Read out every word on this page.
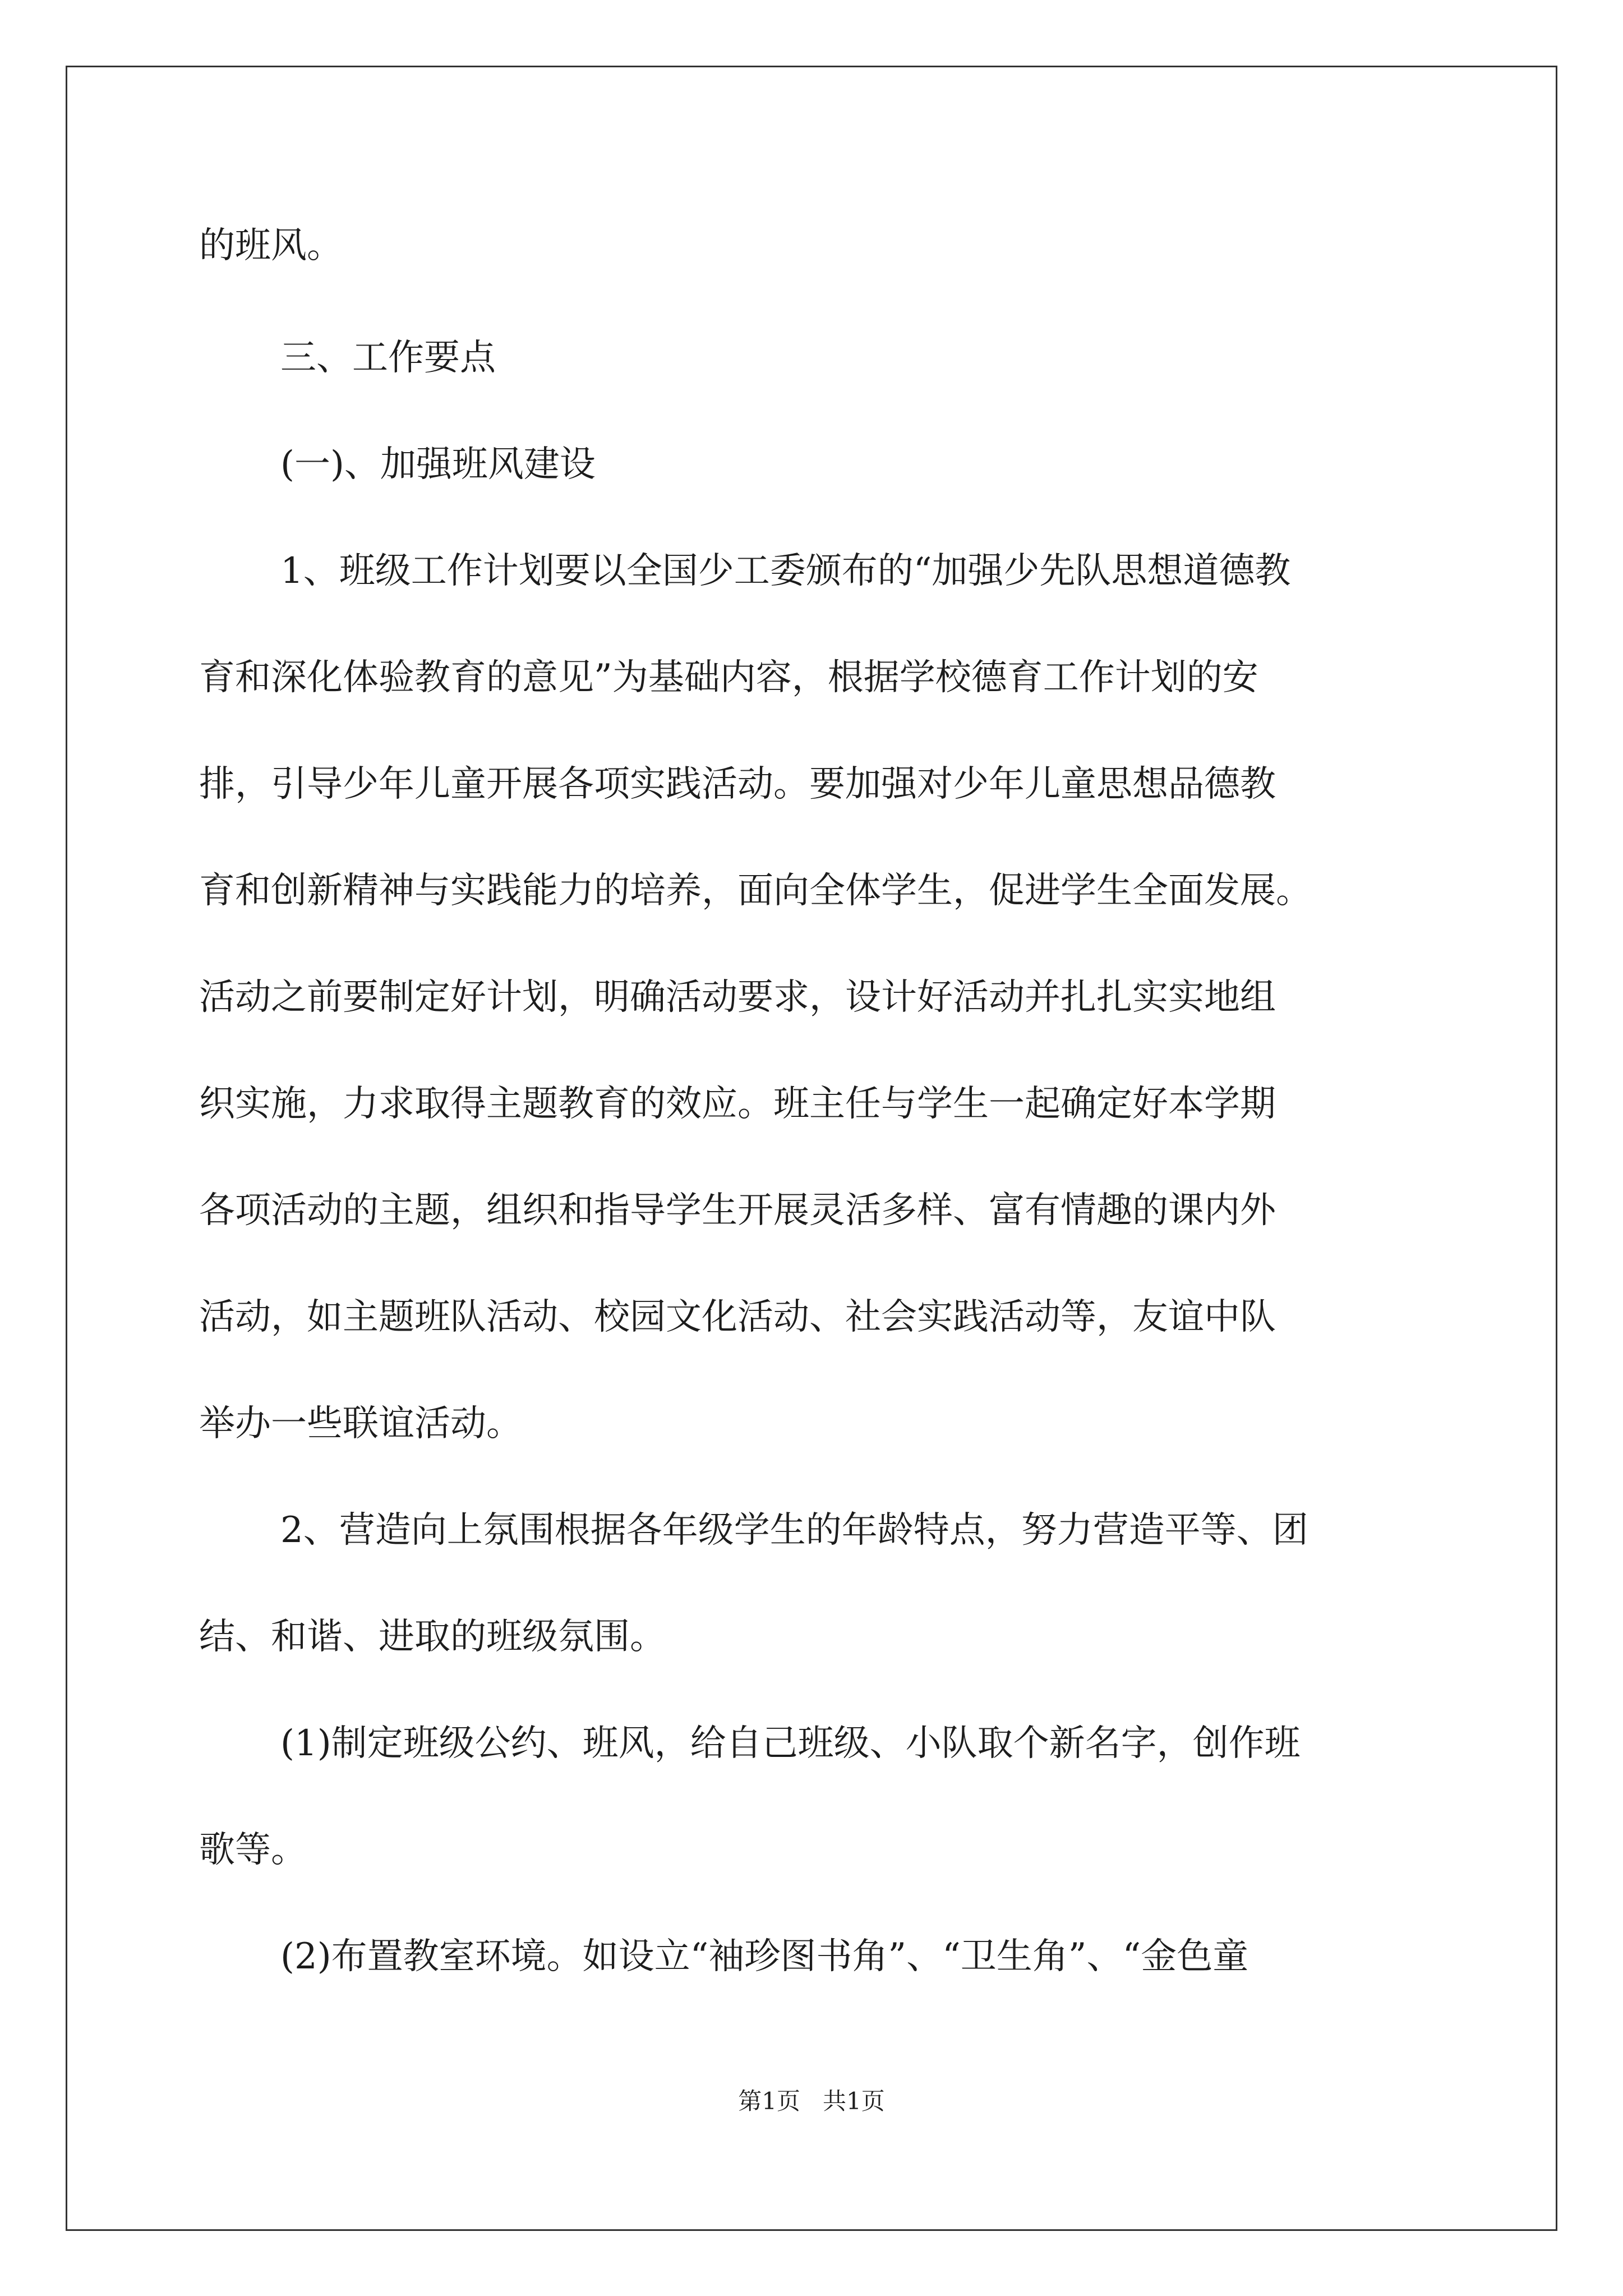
的班风。
三、工作要点
(一)、加强班风建设
1、班级工作计划要以全国少工委颁布的“加强少先队思想道德教
育和深化体验教育的意见”为基础内容，根据学校德育工作计划的安
排，引导少年儿童开展各项实践活动。要加强对少年儿童思想品德教
育和创新精神与实践能力的培养，面向全体学生，促进学生全面发展。
活动之前要制定好计划，明确活动要求，设计好活动并扎扎实实地组
织实施，力求取得主题教育的效应。班主任与学生一起确定好本学期
各项活动的主题，组织和指导学生开展灵活多样、富有情趣的课内外
活动，如主题班队活动、校园文化活动、社会实践活动等，友谊中队
举办一些联谊活动。
2、营造向上氛围根据各年级学生的年龄特点，努力营造平等、团
结、和谐、进取的班级氛围。
(1)制定班级公约、班风，给自己班级、小队取个新名字，创作班
歌等。
(2)布置教室环境。如设立“袖珍图书角”、“卫生角”、“金色童
第1页   共1页
